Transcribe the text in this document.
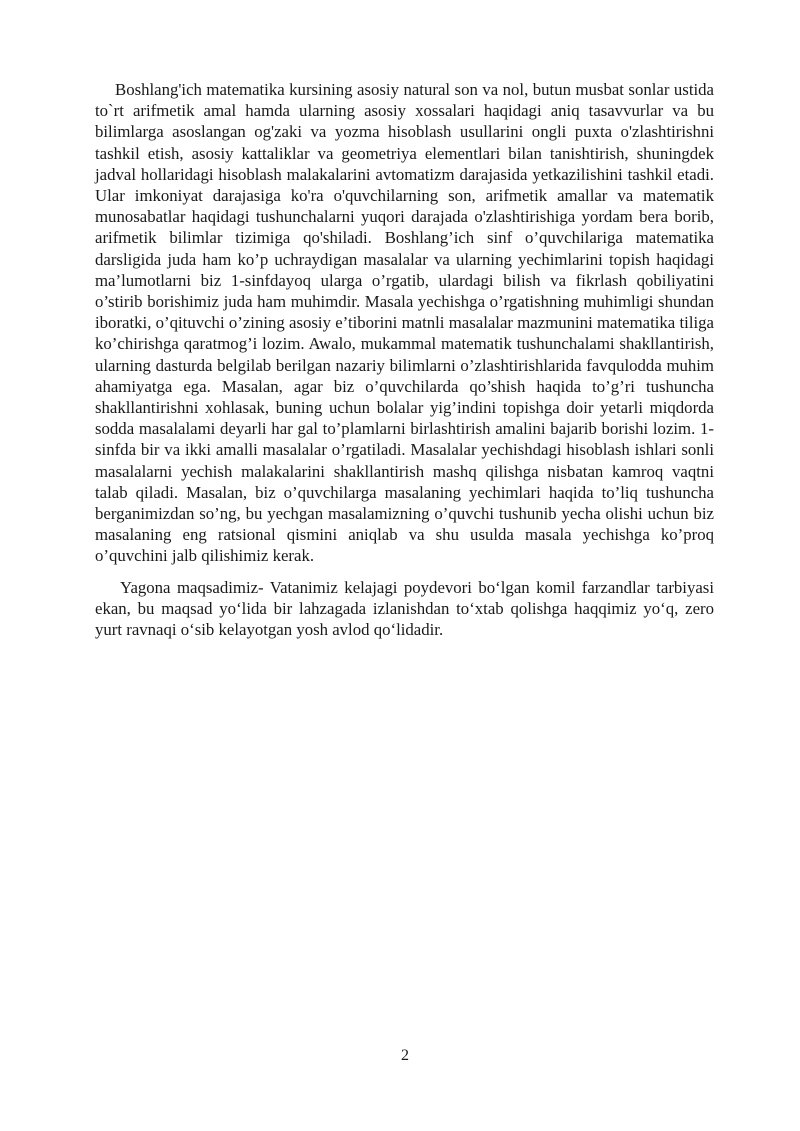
Boshlang'ich matematika kursining asosiy natural son va nol, butun musbat sonlar ustida to`rt arifmetik amal hamda ularning asosiy xossalari haqidagi aniq tasavvurlar va bu bilimlarga asoslangan og'zaki va yozma hisoblash usullarini ongli puxta o'zlashtirishni tashkil etish, asosiy kattaliklar va geometriya elementlari bilan tanishtirish, shuningdek jadval hollaridagi hisoblash malakalarini avtomatizm darajasida yetkazilishini tashkil etadi. Ular imkoniyat darajasiga ko'ra o'quvchilarning son, arifmetik amallar va matematik munosabatlar haqidagi tushunchalarni yuqori darajada o'zlashtirishiga yordam bera borib, arifmetik bilimlar tizimiga qo'shiladi. Boshlang’ich sinf o’quvchilariga matematika darsligida juda ham ko’p uchraydigan masalalar va ularning yechimlarini topish haqidagi ma’lumotlarni biz 1-sinfdayoq ularga o’rgatib, ulardagi bilish va fikrlash qobiliyatini o’stirib borishimiz juda ham muhimdir. Masala yechishga o’rgatishning muhimligi shundan iboratki, o’qituvchi o’zining asosiy e’tiborini matnli masalalar mazmunini matematika tiliga ko’chirishga qaratmog’i lozim. Awalo, mukammal matematik tushunchalami shakllantirish, ularning dasturda belgilab berilgan nazariy bilimlarni o’zlashtirishlarida favqulodda muhim ahamiyatga ega. Masalan, agar biz o’quvchilarda qo’shish haqida to’g’ri tushuncha shakllantirishni xohlasak, buning uchun bolalar yig’indini topishga doir yetarli miqdorda sodda masalalami deyarli har gal to’plamlarni birlashtirish amalini bajarib borishi lozim. 1-sinfda bir va ikki amalli masalalar o’rgatiladi. Masalalar yechishdagi hisoblash ishlari sonli masalalarni yechish malakalarini shakllantirish mashq qilishga nisbatan kamroq vaqtni talab qiladi. Masalan, biz o’quvchilarga masalaning yechimlari haqida to’liq tushuncha berganimizdan so’ng, bu yechgan masalamizning o’quvchi tushunib yecha olishi uchun biz masalaning eng ratsional qismini aniqlab va shu usulda masala yechishga ko’proq o’quvchini jalb qilishimiz kerak.

Yagona maqsadimiz- Vatanimiz kelajagi poydevori bo‘lgan komil farzandlar tarbiyasi ekan, bu maqsad yo‘lida bir lahzagada izlanishdan to‘xtab qolishga haqqimiz yo‘q, zero yurt ravnaqi o‘sib kelayotgan yosh avlod qo‘lidadir.

2
